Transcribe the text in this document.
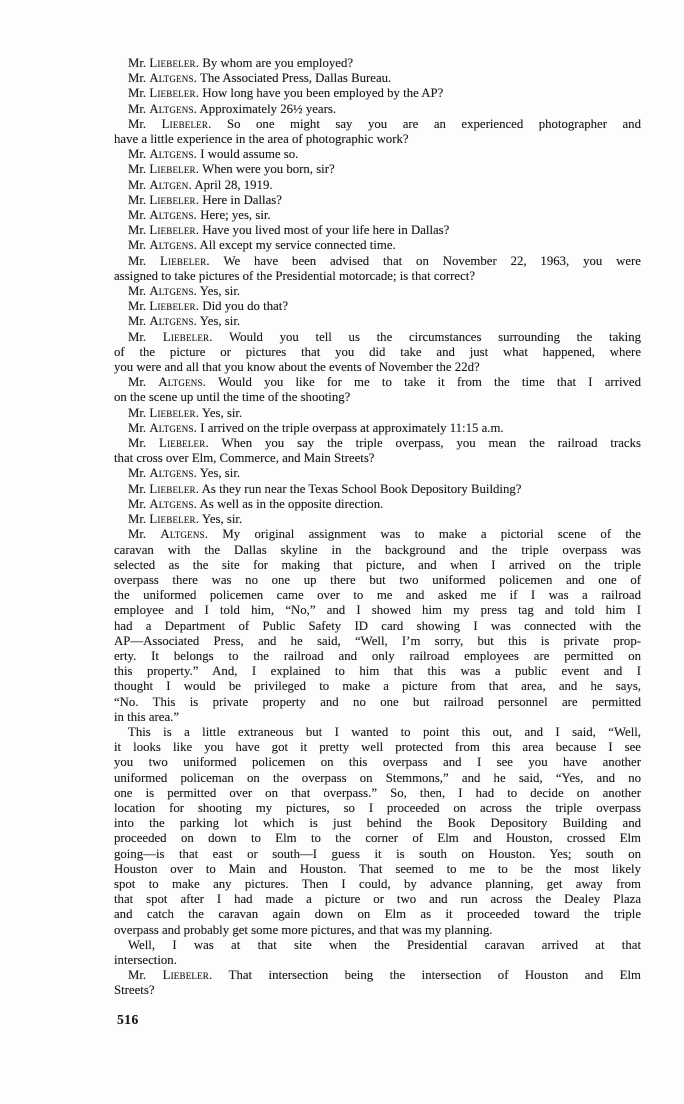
Mr. Liebeler. By whom are you employed?
Mr. Altgens. The Associated Press, Dallas Bureau.
Mr. Liebeler. How long have you been employed by the AP?
Mr. Altgens. Approximately 26½ years.
Mr. Liebeler. So one might say you are an experienced photographer and
have a little experience in the area of photographic work?
Mr. Altgens. I would assume so.
Mr. Liebeler. When were you born, sir?
Mr. Altgen. April 28, 1919.
Mr. Liebeler. Here in Dallas?
Mr. Altgens. Here; yes, sir.
Mr. Liebeler. Have you lived most of your life here in Dallas?
Mr. Altgens. All except my service connected time.
Mr. Liebeler. We have been advised that on November 22, 1963, you were
assigned to take pictures of the Presidential motorcade; is that correct?
Mr. Altgens. Yes, sir.
Mr. Liebeler. Did you do that?
Mr. Altgens. Yes, sir.
Mr. Liebeler. Would you tell us the circumstances surrounding the taking
of the picture or pictures that you did take and just what happened, where
you were and all that you know about the events of November the 22d?
Mr. Altgens. Would you like for me to take it from the time that I arrived
on the scene up until the time of the shooting?
Mr. Liebeler. Yes, sir.
Mr. Altgens. I arrived on the triple overpass at approximately 11:15 a.m.
Mr. Liebeler. When you say the triple overpass, you mean the railroad tracks
that cross over Elm, Commerce, and Main Streets?
Mr. Altgens. Yes, sir.
Mr. Liebeler. As they run near the Texas School Book Depository Building?
Mr. Altgens. As well as in the opposite direction.
Mr. Liebeler. Yes, sir.
Mr. Altgens. My original assignment was to make a pictorial scene of the
caravan with the Dallas skyline in the background and the triple overpass was
selected as the site for making that picture, and when I arrived on the triple
overpass there was no one up there but two uniformed policemen and one of
the uniformed policemen came over to me and asked me if I was a railroad
employee and I told him, “No,” and I showed him my press tag and told him I
had a Department of Public Safety ID card showing I was connected with the
AP—Associated Press, and he said, “Well, I’m sorry, but this is private prop-
erty. It belongs to the railroad and only railroad employees are permitted on
this property.” And, I explained to him that this was a public event and I
thought I would be privileged to make a picture from that area, and he says,
“No. This is private property and no one but railroad personnel are permitted
in this area.”
This is a little extraneous but I wanted to point this out, and I said, “Well,
it looks like you have got it pretty well protected from this area because I see
you two uniformed policemen on this overpass and I see you have another
uniformed policeman on the overpass on Stemmons,” and he said, “Yes, and no
one is permitted over on that overpass.” So, then, I had to decide on another
location for shooting my pictures, so I proceeded on across the triple overpass
into the parking lot which is just behind the Book Depository Building and
proceeded on down to Elm to the corner of Elm and Houston, crossed Elm
going—is that east or south—I guess it is south on Houston. Yes; south on
Houston over to Main and Houston. That seemed to me to be the most likely
spot to make any pictures. Then I could, by advance planning, get away from
that spot after I had made a picture or two and run across the Dealey Plaza
and catch the caravan again down on Elm as it proceeded toward the triple
overpass and probably get some more pictures, and that was my planning.
Well, I was at that site when the Presidential caravan arrived at that
intersection.
Mr. Liebeler. That intersection being the intersection of Houston and Elm
Streets?
516
